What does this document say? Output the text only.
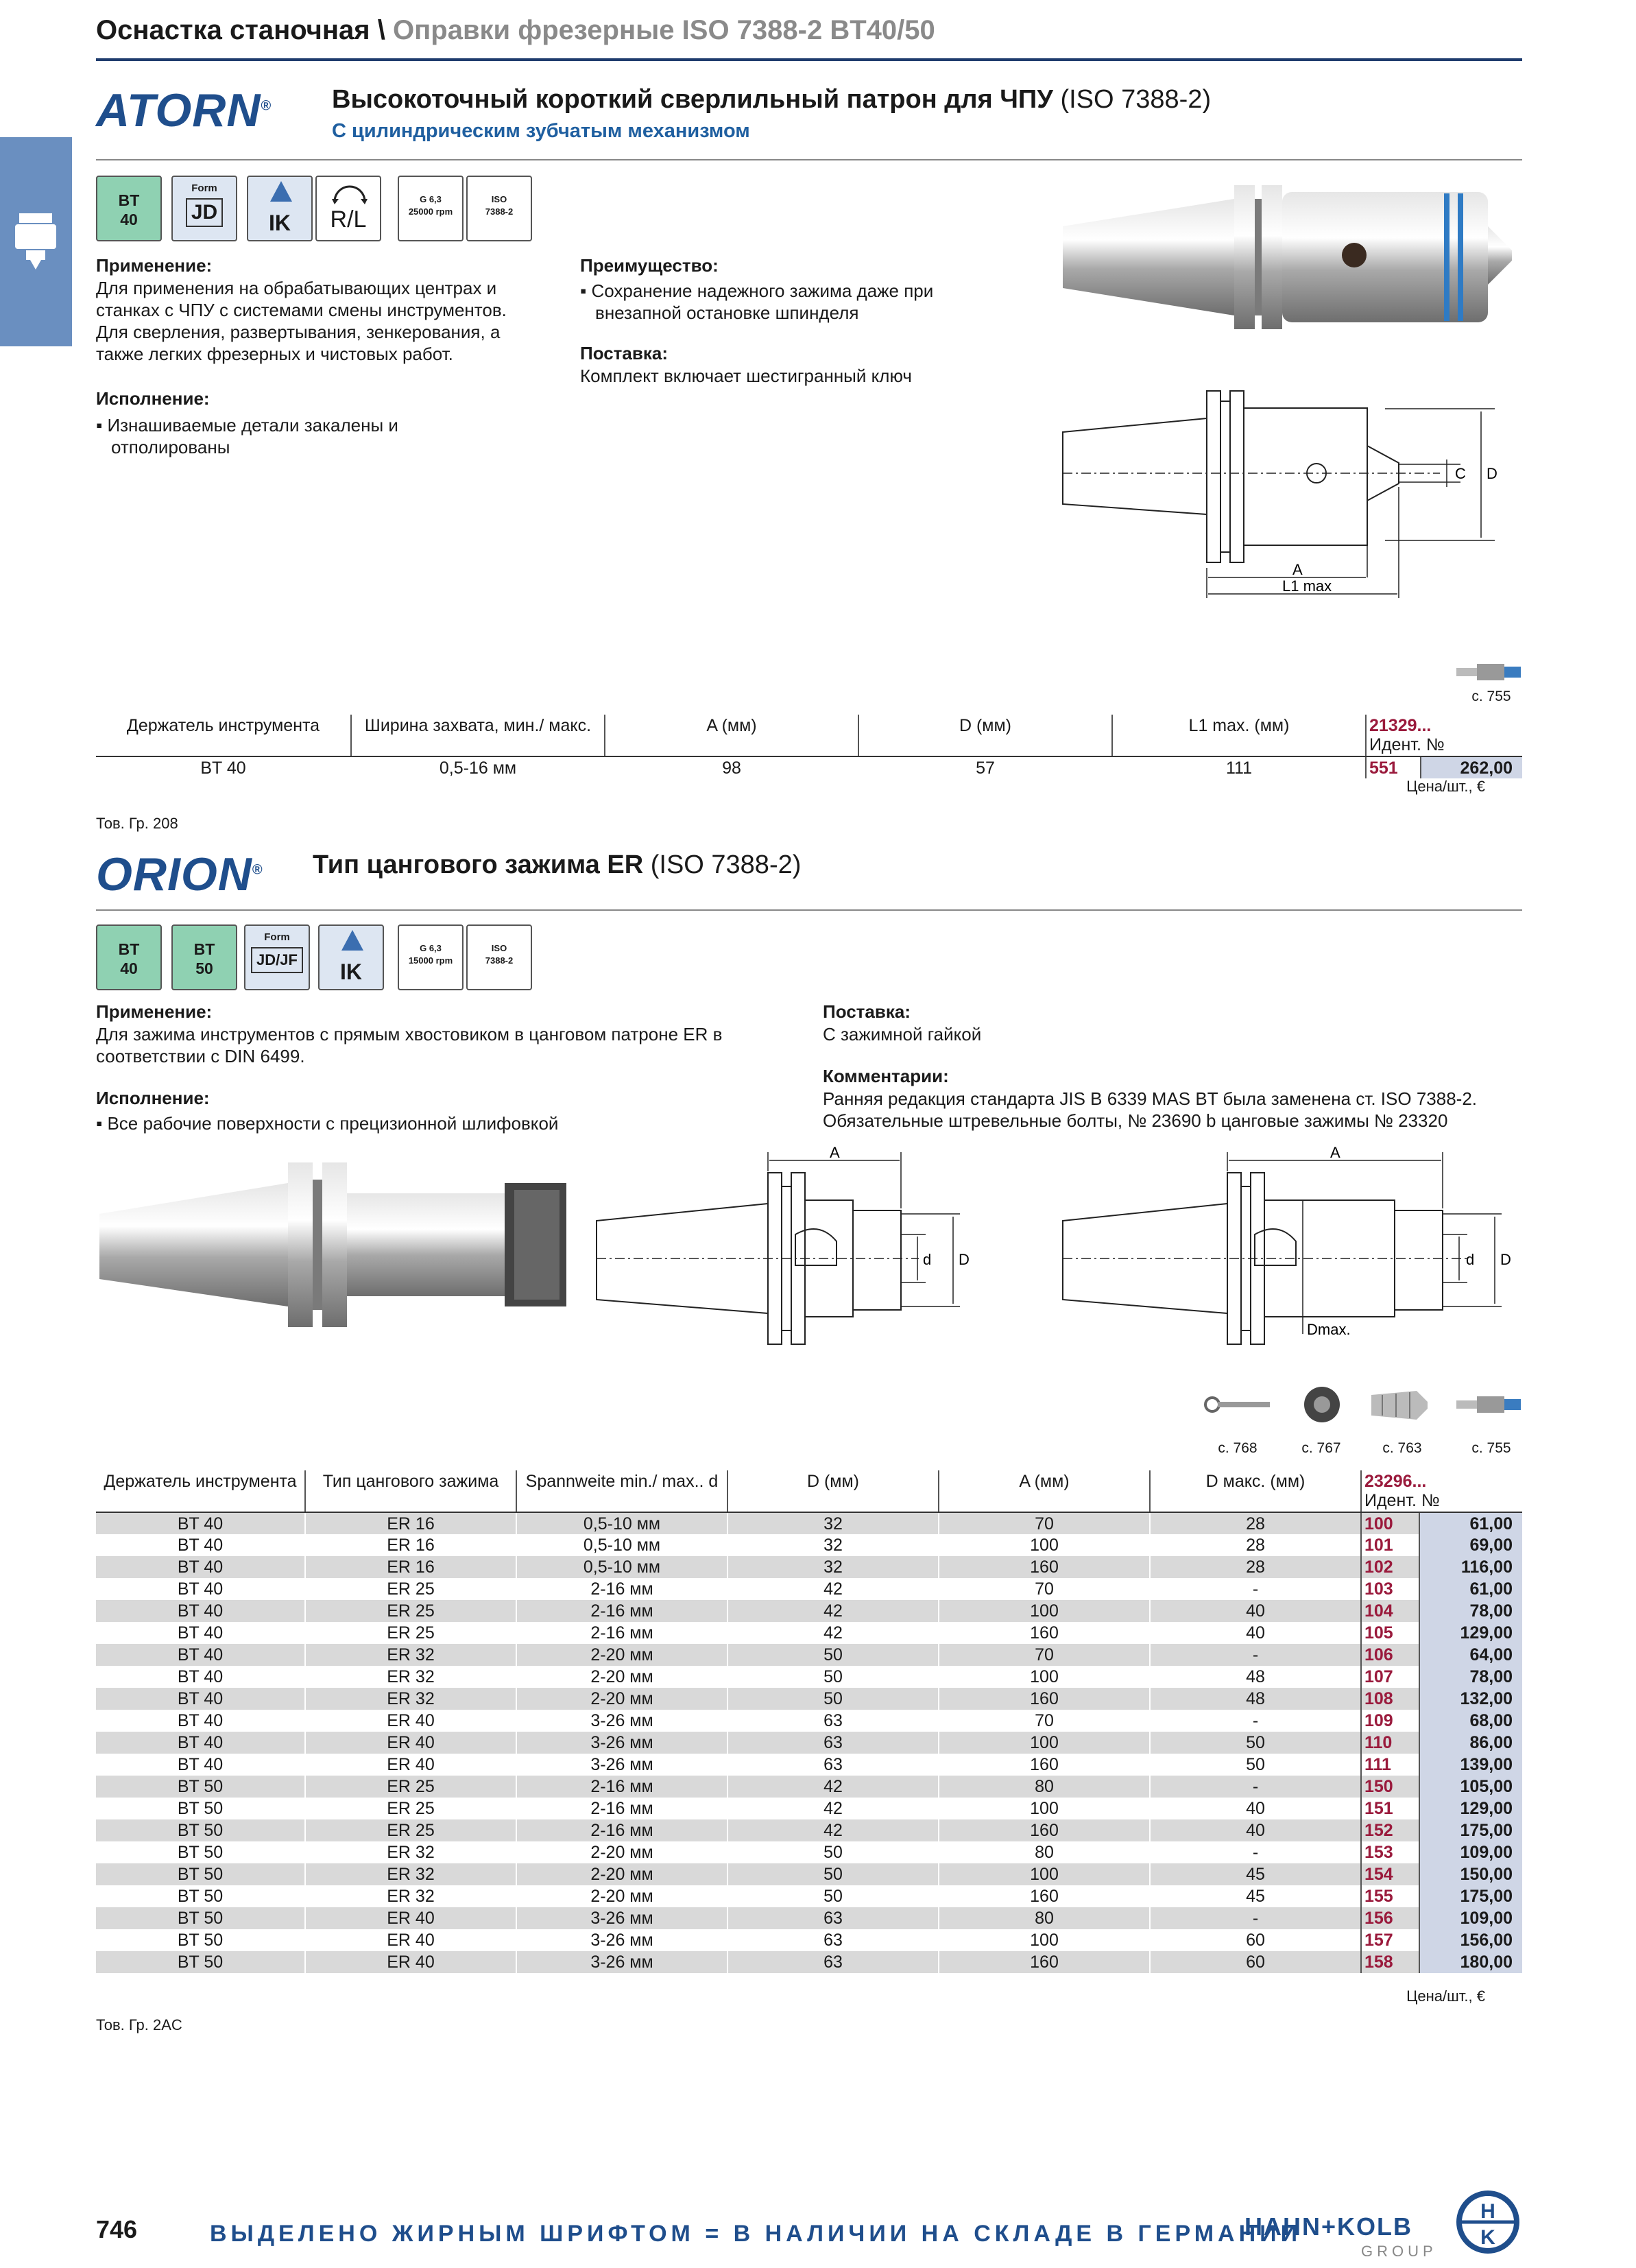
Оснастка станочная \ Оправки фрезерные ISO 7388-2 BT40/50
ATORN® Высокоточный короткий сверлильный патрон для ЧПУ (ISO 7388-2)
С цилиндрическим зубчатым механизмом
BT
40
Form
JD	IK	R/L
G 6,3
25000 rpm
ISO
7388-2
Применение:
Для применения на обрабатывающих центрах и станках с ЧПУ с системами смены инструментов. Для сверления, развертывания, зенкерования, а также легких фрезерных и чистовых работ.
Исполнение:
▪ Изнашиваемые детали закалены и отполированы
Преимущество:
▪ Сохранение надежного зажима даже при внезапной остановке шпинделя
Поставка:
Комплект включает шестигранный ключ
A
L1 max
C D
с. 755
Держатель инструмента	Ширина захвата, мин./ макс.	A (мм)	D (мм)	L1 max. (мм)	21329...
Идент. №	

BT 40	0,5-16 мм	98	57	111	551	262,00
Цена/шт., €
Тов. Гр. 208
ORION® Тип цангового зажима ER (ISO 7388-2)
BT
40
BT
50
Form
JD/JF	IK
G 6,3
15000 rpm
ISO
7388-2
Применение:
Для зажима инструментов с прямым хвостовиком в цанговом патроне ER в соответствии с DIN 6499.
Исполнение:
▪ Все рабочие поверхности с прецизионной шлифовкой
Поставка:
С зажимной гайкой
Комментарии:
Ранняя редакция стандарта JIS B 6339 MAS BT была заменена ст. ISO 7388-2.
Обязательные штревельные болты, № 23690 b цанговые зажимы № 23320
A
d D
A
d D
Dmax.
с. 768	с. 767	с. 763	с. 755
Держатель инструмента	Тип цангового зажима	Spannweite min./ max.. d	D (мм)	A (мм)	D макс. (мм)	23296...
Идент. №	

BT 40	ER 16	0,5-10 мм	32	70	28	100	61,00
BT 40	ER 16	0,5-10 мм	32	100	28	101	69,00
BT 40	ER 16	0,5-10 мм	32	160	28	102	116,00
BT 40	ER 25	2-16 мм	42	70	-	103	61,00
BT 40	ER 25	2-16 мм	42	100	40	104	78,00
BT 40	ER 25	2-16 мм	42	160	40	105	129,00
BT 40	ER 32	2-20 мм	50	70	-	106	64,00
BT 40	ER 32	2-20 мм	50	100	48	107	78,00
BT 40	ER 32	2-20 мм	50	160	48	108	132,00
BT 40	ER 40	3-26 мм	63	70	-	109	68,00
BT 40	ER 40	3-26 мм	63	100	50	110	86,00
BT 40	ER 40	3-26 мм	63	160	50	111	139,00
BT 50	ER 25	2-16 мм	42	80	-	150	105,00
BT 50	ER 25	2-16 мм	42	100	40	151	129,00
BT 50	ER 25	2-16 мм	42	160	40	152	175,00
BT 50	ER 32	2-20 мм	50	80	-	153	109,00
BT 50	ER 32	2-20 мм	50	100	45	154	150,00
BT 50	ER 32	2-20 мм	50	160	45	155	175,00
BT 50	ER 40	3-26 мм	63	80	-	156	109,00
BT 50	ER 40	3-26 мм	63	100	60	157	156,00
BT 50	ER 40	3-26 мм	63	160	60	158	180,00
Цена/шт., €
Тов. Гр. 2AC
746	ВЫДЕЛЕНО ЖИРНЫМ ШРИФТОМ = В НАЛИЧИИ НА СКЛАДЕ В ГЕРМАНИИ
HAHN+KOLB
GROUP
H
K
